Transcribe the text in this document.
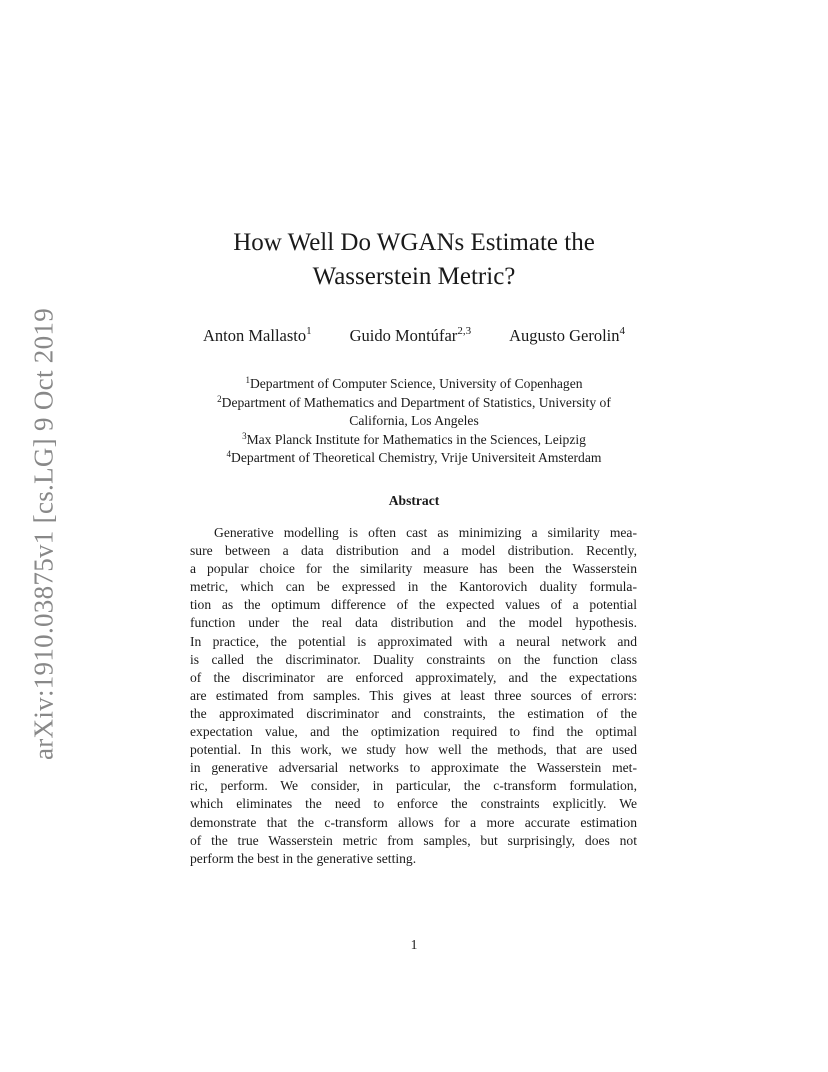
arXiv:1910.03875v1 [cs.LG] 9 Oct 2019
How Well Do WGANs Estimate the
Wasserstein Metric?
Anton Mallasto$^1$ Guido Montúfar$^{2,3}$ Augusto Gerolin$^4$
$^1$Department of Computer Science, University of Copenhagen
$^2$Department of Mathematics and Department of Statistics, University of
California, Los Angeles
$^3$Max Planck Institute for Mathematics in the Sciences, Leipzig
$^4$Department of Theoretical Chemistry, Vrije Universiteit Amsterdam
Abstract
Generative modelling is often cast as minimizing a similarity mea-
sure between a data distribution and a model distribution. Recently,
a popular choice for the similarity measure has been the Wasserstein
metric, which can be expressed in the Kantorovich duality formula-
tion as the optimum difference of the expected values of a potential
function under the real data distribution and the model hypothesis.
In practice, the potential is approximated with a neural network and
is called the discriminator. Duality constraints on the function class
of the discriminator are enforced approximately, and the expectations
are estimated from samples. This gives at least three sources of errors:
the approximated discriminator and constraints, the estimation of the
expectation value, and the optimization required to find the optimal
potential. In this work, we study how well the methods, that are used
in generative adversarial networks to approximate the Wasserstein met-
ric, perform. We consider, in particular, the c-transform formulation,
which eliminates the need to enforce the constraints explicitly. We
demonstrate that the c-transform allows for a more accurate estimation
of the true Wasserstein metric from samples, but surprisingly, does not
perform the best in the generative setting.
1
